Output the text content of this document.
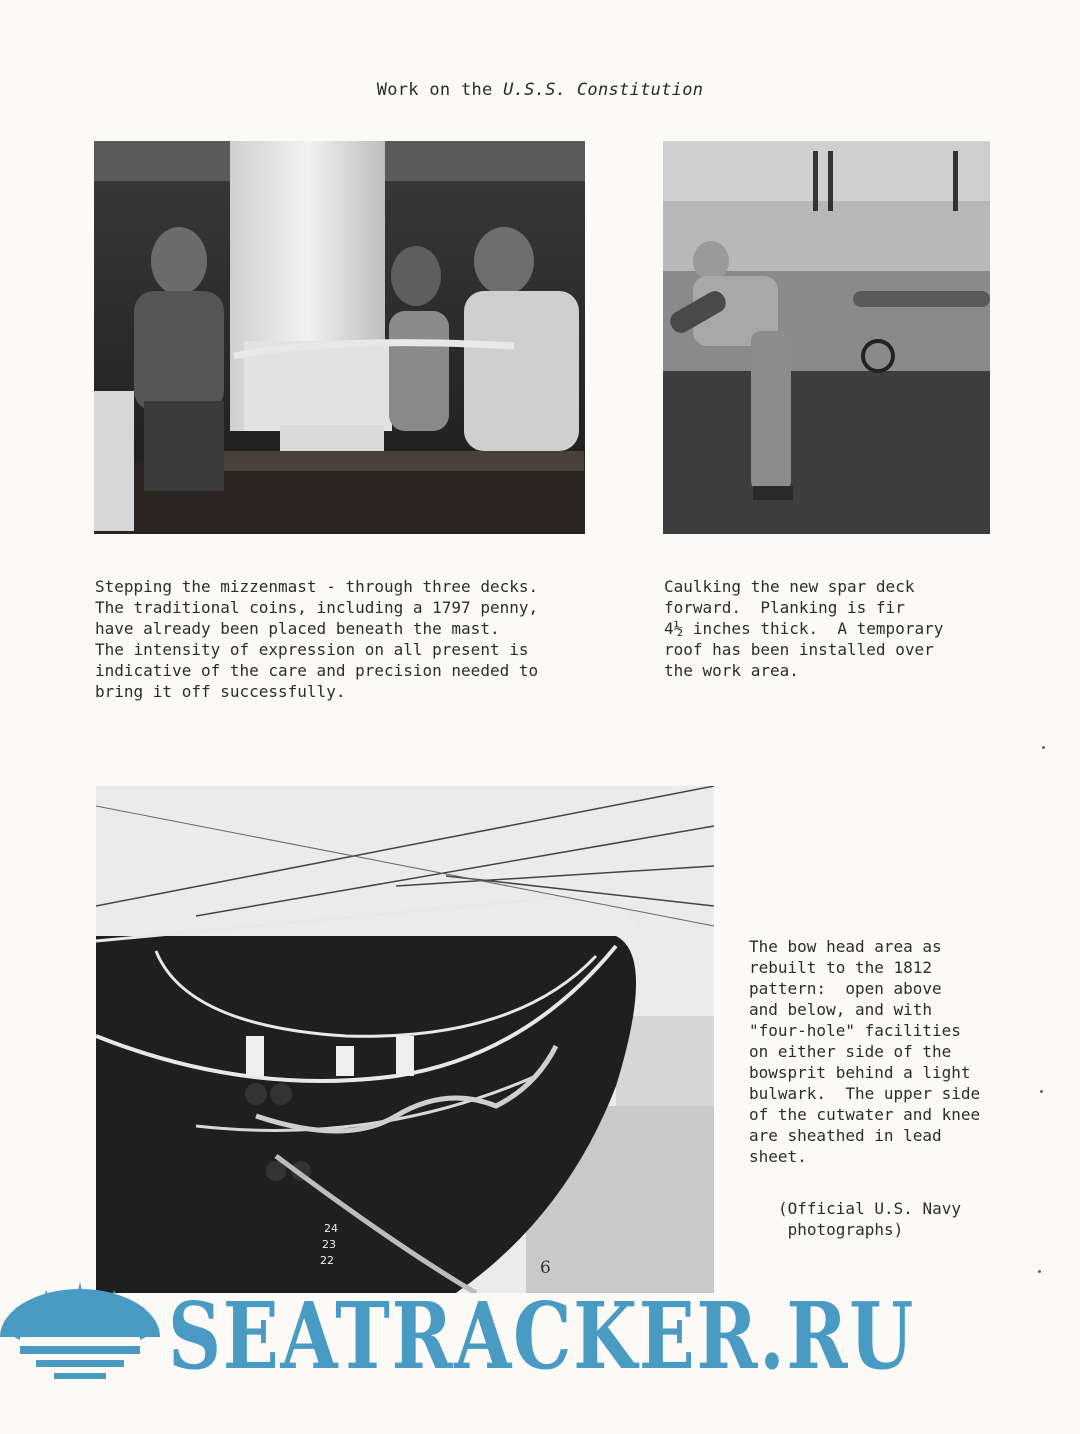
Work on the U.S.S. Constitution
24
23
22
Stepping the mizzenmast - through three decks.
The traditional coins, including a 1797 penny,
have already been placed beneath the mast.
The intensity of expression on all present is
indicative of the care and precision needed to
bring it off successfully.
Caulking the new spar deck
forward.  Planking is fir
4½ inches thick.  A temporary
roof has been installed over
the work area.
The bow head area as
rebuilt to the 1812
pattern:  open above
and below, and with
"four-hole" facilities
on either side of the
bowsprit behind a light
bulwark.  The upper side
of the cutwater and knee
are sheathed in lead
sheet.
(Official U.S. Navy
photographs)
6
SEATRACKER.RU
